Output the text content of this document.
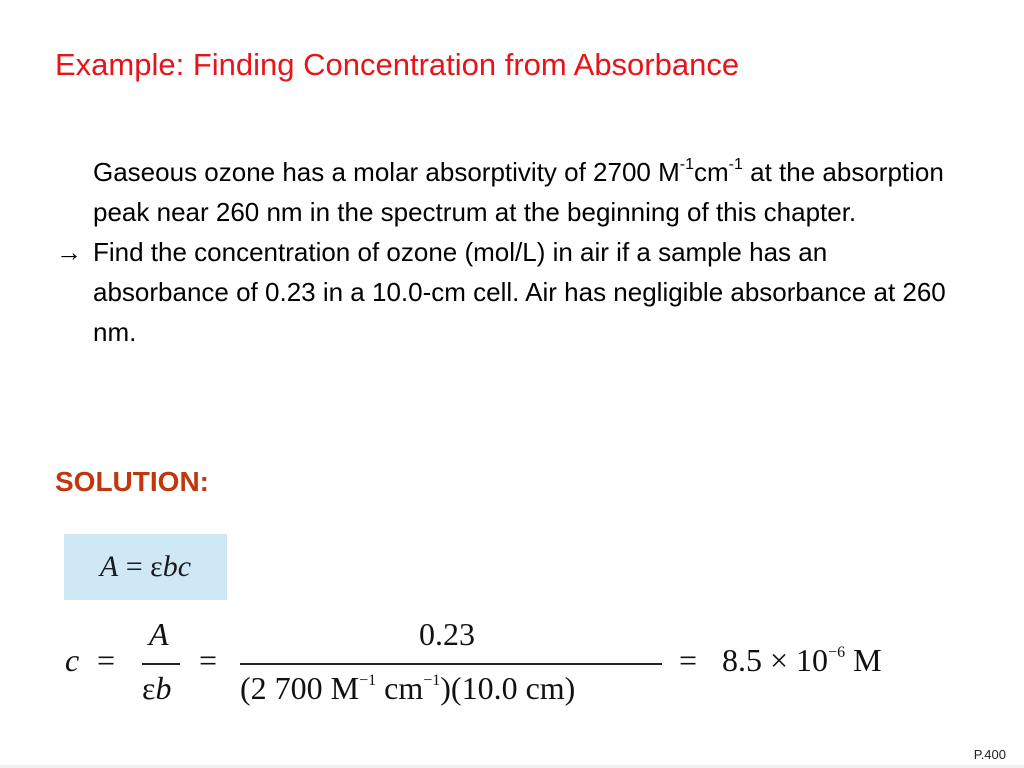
Example: Finding Concentration from Absorbance

Gaseous ozone has a molar absorptivity of 2700 $M^{-1}cm^{-1}$ at the absorption peak near 260 nm in the spectrum at the beginning of this chapter.

→ Find the concentration of ozone (mol/L) in air if a sample has an absorbance of 0.23 in a 10.0-cm cell. Air has negligible absorbance at 260 nm.

SOLUTION:
A
=
ε bc
c =
A
εb
=
0.23
(2 700 $M^{-1}$ $cm^{-1})(10.0$ cm)
= $8.5 \times 10^{-6}$ M
P.400
